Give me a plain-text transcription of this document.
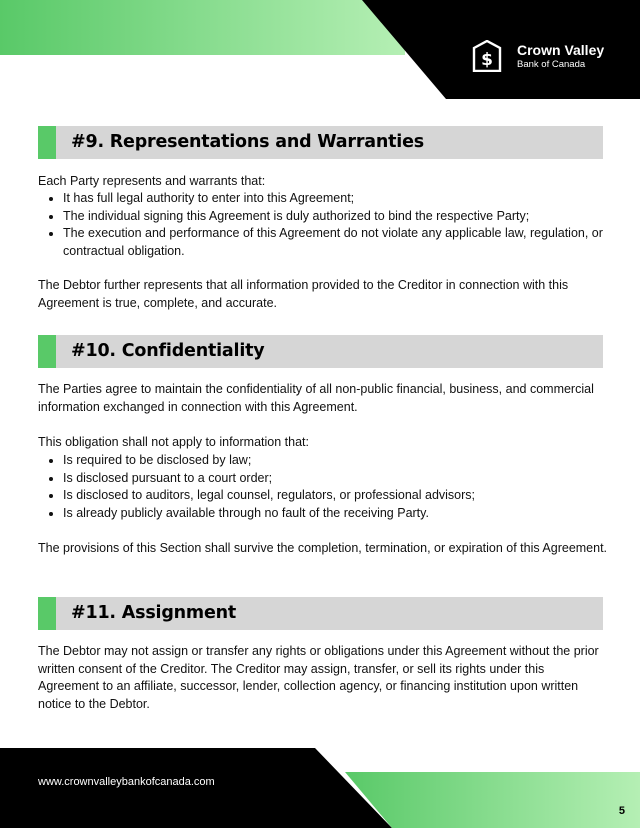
$ Crown Valley
Bank of Canada
#9. Representations and Warranties

Each Party represents and warrants that:

• It has full legal authority to enter into this Agreement;
• The individual signing this Agreement is duly authorized to bind the respective Party;
• The execution and performance of this Agreement do not violate any applicable law, regulation, or contractual obligation.

The Debtor further represents that all information provided to the Creditor in connection with this Agreement is true, complete, and accurate.

#10. Confidentiality

The Parties agree to maintain the confidentiality of all non-public financial, business, and commercial information exchanged in connection with this Agreement.

This obligation shall not apply to information that:

• Is required to be disclosed by law;
• Is disclosed pursuant to a court order;
• Is disclosed to auditors, legal counsel, regulators, or professional advisors;
• Is already publicly available through no fault of the receiving Party.

The provisions of this Section shall survive the completion, termination, or expiration of this Agreement.

#11. Assignment

The Debtor may not assign or transfer any rights or obligations under this Agreement without the prior written consent of the Creditor. The Creditor may assign, transfer, or sell its rights under this Agreement to an affiliate, successor, lender, collection agency, or financing institution upon written notice to the Debtor.

www.crownvalleybankofcanada.com
5
